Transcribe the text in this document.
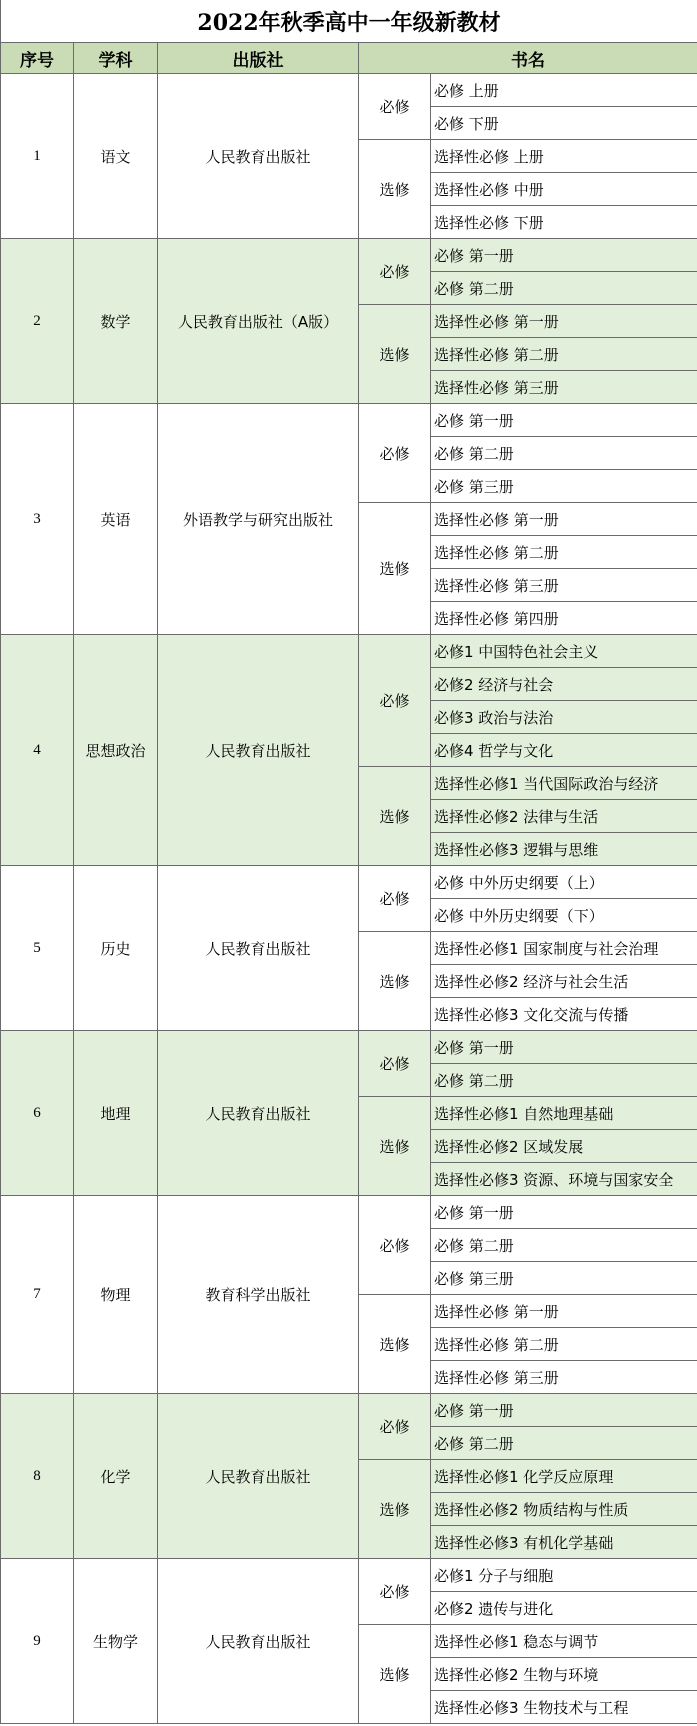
2022年秋季高中一年级新教材				
序号	学科	出版社	书名	
1	语文	人民教育出版社	必修	必修 上册
				必修 下册
			选修	选择性必修 上册
				选择性必修 中册
				选择性必修 下册
2	数学	人民教育出版社（A版）	必修	必修 第一册
				必修 第二册
			选修	选择性必修 第一册
				选择性必修 第二册
				选择性必修 第三册
3	英语	外语教学与研究出版社	必修	必修 第一册
				必修 第二册
				必修 第三册
			选修	选择性必修 第一册
				选择性必修 第二册
				选择性必修 第三册
				选择性必修 第四册
4	思想政治	人民教育出版社	必修	必修1 中国特色社会主义
				必修2 经济与社会
				必修3 政治与法治
				必修4 哲学与文化
			选修	选择性必修1 当代国际政治与经济
				选择性必修2 法律与生活
				选择性必修3 逻辑与思维
5	历史	人民教育出版社	必修	必修 中外历史纲要（上）
				必修 中外历史纲要（下）
			选修	选择性必修1 国家制度与社会治理
				选择性必修2 经济与社会生活
				选择性必修3 文化交流与传播
6	地理	人民教育出版社	必修	必修 第一册
				必修 第二册
			选修	选择性必修1 自然地理基础
				选择性必修2 区域发展
				选择性必修3 资源、环境与国家安全
7	物理	教育科学出版社	必修	必修 第一册
				必修 第二册
				必修 第三册
			选修	选择性必修 第一册
				选择性必修 第二册
				选择性必修 第三册
8	化学	人民教育出版社	必修	必修 第一册
				必修 第二册
			选修	选择性必修1 化学反应原理
				选择性必修2 物质结构与性质
				选择性必修3 有机化学基础
9	生物学	人民教育出版社	必修	必修1 分子与细胞
				必修2 遗传与进化
			选修	选择性必修1 稳态与调节
				选择性必修2 生物与环境
				选择性必修3 生物技术与工程
